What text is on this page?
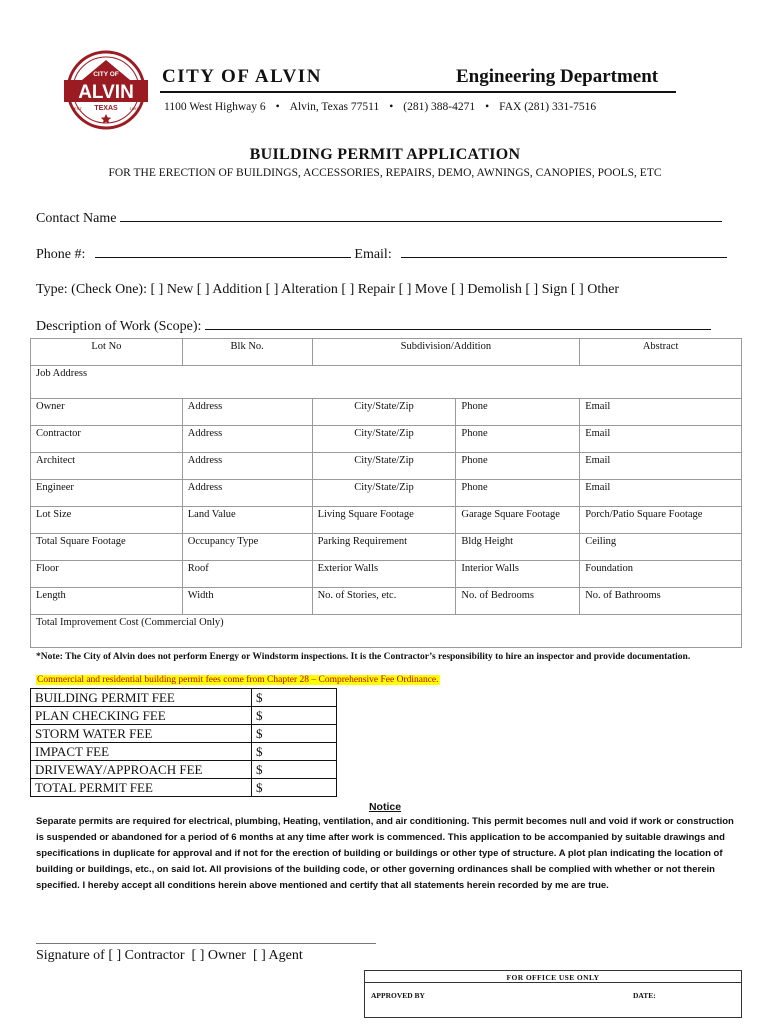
CITY OF
ALVIN
TEXAS
EST	1893
CITY OF ALVIN	Engineering Department
1100 West Highway 6 • Alvin, Texas 77511 • (281) 388-4271 • FAX (281) 331-7516
BUILDING PERMIT APPLICATION
FOR THE ERECTION OF BUILDINGS, ACCESSORIES, REPAIRS, DEMO, AWNINGS, CANOPIES, POOLS, ETC
Contact Name
Phone #:	Email:
Type: (Check One): [ ] New [ ] Addition [ ] Alteration [ ] Repair [ ] Move [ ] Demolish [ ] Sign [ ] Other
Description of Work (Scope):
Lot No	Blk No.	Subdivision/Addition		Abstract
Job Address				
Owner	Address	City/State/Zip	Phone	Email
Contractor	Address	City/State/Zip	Phone	Email
Architect	Address	City/State/Zip	Phone	Email
Engineer	Address	City/State/Zip	Phone	Email
Lot Size	Land Value	Living Square Footage	Garage Square Footage	Porch/Patio Square Footage
Total Square Footage	Occupancy Type	Parking Requirement	Bldg Height	Ceiling
Floor	Roof	Exterior Walls	Interior Walls	Foundation
Length	Width	No. of Stories, etc.	No. of Bedrooms	No. of Bathrooms
Total Improvement Cost (Commercial Only)				
*Note: The City of Alvin does not perform Energy or Windstorm inspections. It is the Contractor’s responsibility to hire an inspector and provide documentation.
Commercial and residential building permit fees come from Chapter 28 – Comprehensive Fee Ordinance.
BUILDING PERMIT FEE	$
PLAN CHECKING FEE	$
STORM WATER FEE	$
IMPACT FEE	$
DRIVEWAY/APPROACH FEE	$
TOTAL PERMIT FEE	$
Notice
Separate permits are required for electrical, plumbing, Heating, ventilation, and air conditioning. This permit becomes null and void if work or construction is suspended or abandoned for a period of 6 months at any time after work is commenced. This application to be accompanied by suitable drawings and specifications in duplicate for approval and if not for the erection of building or buildings or other type of structure. A plot plan indicating the location of building or buildings, etc., on said lot. All provisions of the building code, or other governing ordinances shall be complied with whether or not therein specified. I hereby accept all conditions herein above mentioned and certify that all statements herein recorded by me are true.
Signature of [ ] Contractor [ ] Owner [ ] Agent
FOR OFFICE USE ONLY
APPROVED BY	DATE:
